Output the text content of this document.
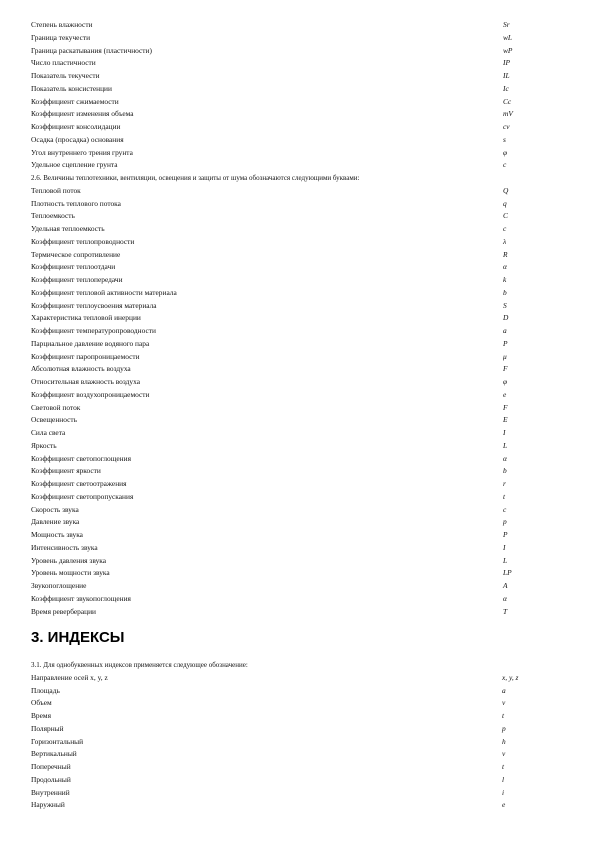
Степень влажности	Sr
Граница текучести	wL
Граница раскатывания (пластичности)	wP
Число пластичности	IP
Показатель текучести	IL
Показатель консистенции	Ic
Коэффициент сжимаемости	Cc
Коэффициент изменения объема	mV
Коэффициент консолидации	cv
Осадка (просадка) основания	s
Угол внутреннего трения грунта	φ
Удельное сцепление грунта	c
2.6. Величины теплотехники, вентиляции, освещения и защиты от шума обозначаются следующими буквами:
Тепловой поток	Q
Плотность теплового потока	q
Теплоемкость	C
Удельная теплоемкость	c
Коэффициент теплопроводности	λ
Термическое сопротивление	R
Коэффициент теплоотдачи	α
Коэффициент теплопередачи	k
Коэффициент тепловой активности материала	b
Коэффициент теплоусвоения материала	S
Характеристика тепловой инерции	D
Коэффициент температуропроводности	a
Парциальное давление водяного пара	P
Коэффициент паропроницаемости	μ
Абсолютная влажность воздуха	F
Относительная влажность воздуха	φ
Коэффициент воздухопроницаемости	e
Световой поток	F
Освещенность	E
Сила света	I
Яркость	L
Коэффициент светопоглощения	α
Коэффициент яркости	b
Коэффициент светоотражения	r
Коэффициент светопропускания	t
Скорость звука	c
Давление звука	p
Мощность звука	P
Интенсивность звука	I
Уровень давления звука	L
Уровень мощности звука	LP
Звукопоглощение	A
Коэффициент звукопоглощения	α
Время реверберации	T
3. ИНДЕКСЫ
3.1. Для однобуквенных индексов применяется следующее обозначение:
Направление осей x, y, z	x, y, z
Площадь	a
Объем	v
Время	t
Полярный	p
Горизонтальный	h
Вертикальный	v
Поперечный	t
Продольный	l
Внутренний	i
Наружный	e
